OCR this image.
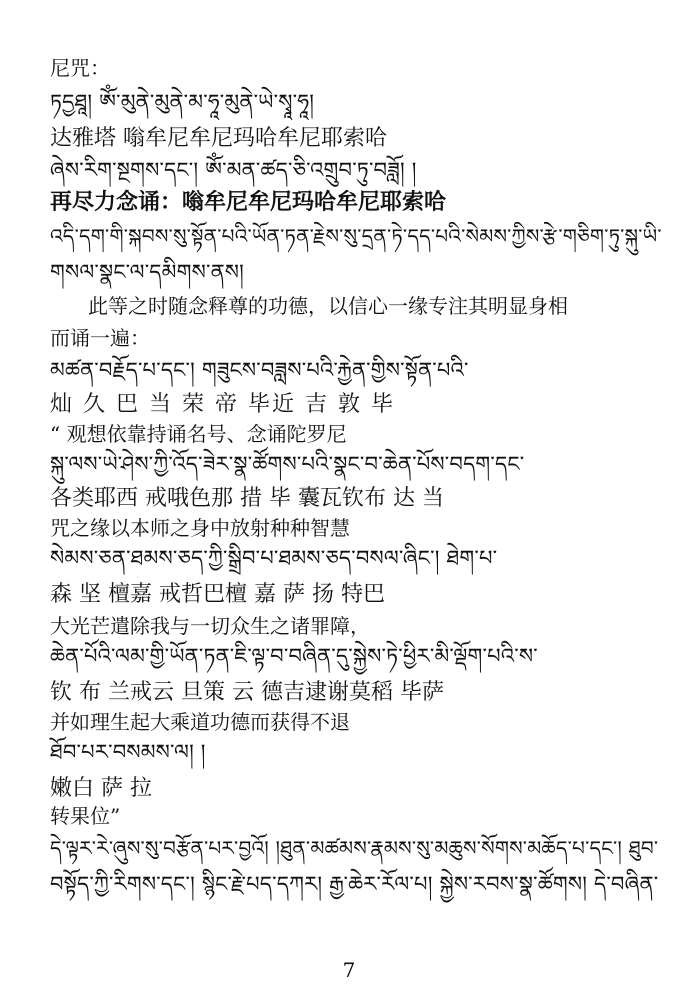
尼咒：
ཏདྱཐཱ། ཨོཾ་མུནེ་མུནེ་མ་ཧཱ་མུནེ་ཡེ་སྭཱ་ཧཱ།
达雅塔 嗡牟尼牟尼玛哈牟尼耶索哈
ཞེས་རིག་སྔགས་དང་། ཨོཾ་མན་ཚད་ཅི་འགྲུབ་ཏུ་བཟློ། །
再尽力念诵：嗡牟尼牟尼玛哈牟尼耶索哈
འདི་དག་གི་སྐབས་སུ་སྟོན་པའི་ཡོན་ཏན་རྗེས་སུ་དྲན་ཏེ་དད་པའི་སེམས་ཀྱིས་རྩེ་གཅིག་ཏུ་སྐུ་ཡི་
གསལ་སྣང་ལ་དམིགས་ནས།
此等之时随念释尊的功德，以信心一缘专注其明显身相
而诵一遍：
མཚན་བརྗོད་པ་དང་། གཟུངས་བཟླས་པའི་རྐྱེན་གྱིས་སྟོན་པའི་
灿 久 巴 当 荣 帝 毕近 吉 敦 毕
“ 观想依靠持诵名号、念诵陀罗尼
སྐུ་ལས་ཡེ་ཤེས་ཀྱི་འོད་ཟེར་སྣ་ཚོགས་པའི་སྣང་བ་ཆེན་པོས་བདག་དང་
各类耶西 戒哦色那 措 毕 囊瓦钦布 达 当
咒之缘以本师之身中放射种种智慧
སེམས་ཅན་ཐམས་ཅད་ཀྱི་སྒྲིབ་པ་ཐམས་ཅད་བསལ་ཞིང་། ཐེག་པ་
森 坚 檀嘉 戒哲巴檀 嘉 萨 扬 特巴
大光芒遣除我与一切众生之诸罪障，
ཆེན་པོའི་ལམ་གྱི་ཡོན་ཏན་ཇི་ལྟ་བ་བཞིན་དུ་སྐྱེས་ཏེ་ཕྱིར་མི་ལྡོག་པའི་ས་
钦 布 兰戒云 旦策 云 德吉逮谢莫稻 毕萨
并如理生起大乘道功德而获得不退
ཐོབ་པར་བསམས་ལ། །
嫩白 萨 拉
转果位”
དེ་ལྟར་རེ་ཞུས་སུ་བརྩོན་པར་བྱའོ། །ཐུན་མཚམས་རྣམས་སུ་མཆུས་སོགས་མཆོད་པ་དང་། ཐུབ་
བསྟོད་ཀྱི་རིགས་དང་། སྙིང་རྗེ་པད་དཀར། རྒྱ་ཆེར་རོལ་པ། སྐྱེས་རབས་སྣ་ཚོགས། དེ་བཞིན་
7
